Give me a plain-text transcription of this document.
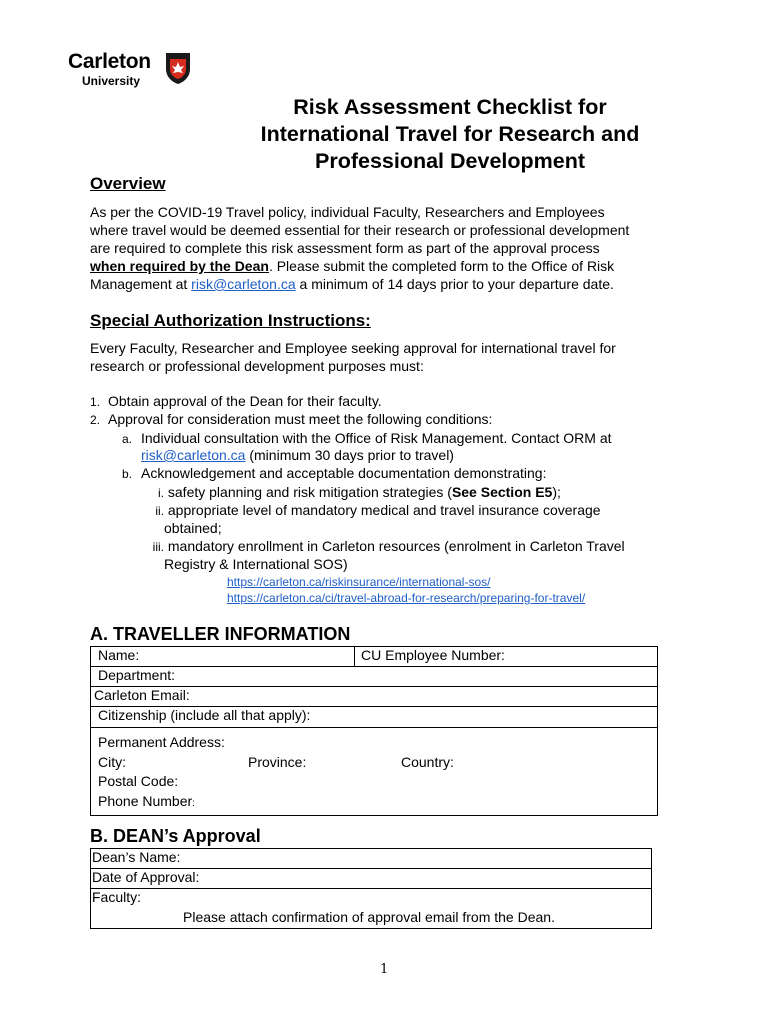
Carleton
University
Risk Assessment Checklist for
International Travel for Research and
Professional Development
Overview
As per the COVID-19 Travel policy, individual Faculty, Researchers and Employees
where travel would be deemed essential for their research or professional development
are required to complete this risk assessment form as part of the approval process
when required by the Dean. Please submit the completed form to the Office of Risk
Management at risk@carleton.ca a minimum of 14 days prior to your departure date.
Special Authorization Instructions:
Every Faculty, Researcher and Employee seeking approval for international travel for
research or professional development purposes must:
1. Obtain approval of the Dean for their faculty.
2. Approval for consideration must meet the following conditions:
a. Individual consultation with the Office of Risk Management. Contact ORM at
risk@carleton.ca (minimum 30 days prior to travel)
b. Acknowledgement and acceptable documentation demonstrating:
i. safety planning and risk mitigation strategies (See Section E5);
ii. appropriate level of mandatory medical and travel insurance coverage
obtained;
iii. mandatory enrollment in Carleton resources (enrolment in Carleton Travel
Registry & International SOS)
https://carleton.ca/riskinsurance/international-sos/
https://carleton.ca/ci/travel-abroad-for-research/preparing-for-travel/
A. TRAVELLER INFORMATION
Name:	CU Employee Number:
Department:
Carleton Email:
Citizenship (include all that apply):

Permanent Address:
City:	Province:	Country:
Postal Code:
Phone Number:
B. DEAN’s Approval
Dean’s Name:
Date of Approval:
Faculty:
Please attach confirmation of approval email from the Dean.
1
